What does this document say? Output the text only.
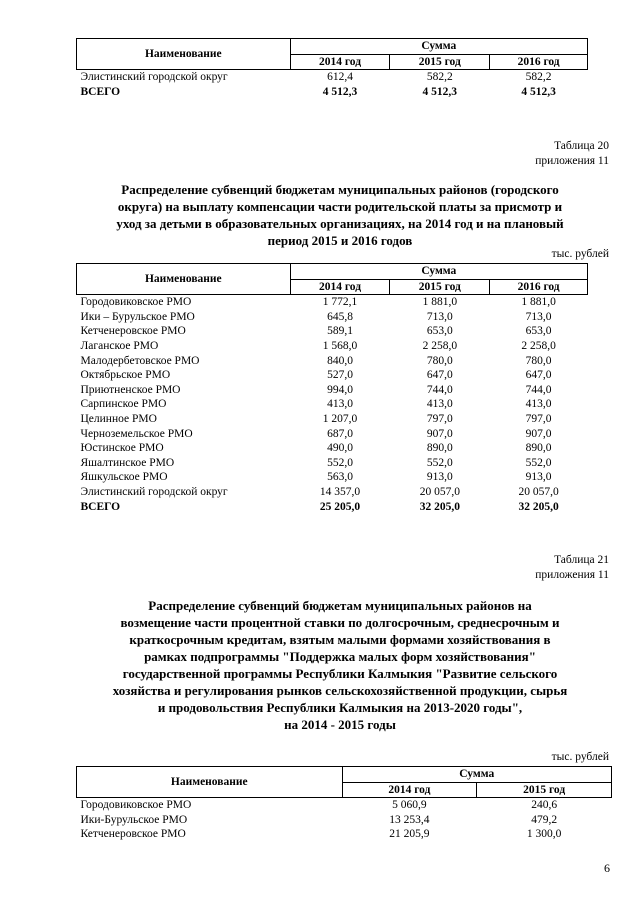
Наименование	Сумма		
	2014 год	2015 год	2016 год
Элистинский городской округ	612,4	582,2	582,2
ВСЕГО	4 512,3	4 512,3	4 512,3
Таблица 20
приложения 11
Распределение субвенций бюджетам муниципальных районов (городского
округа) на выплату компенсации части родительской платы за присмотр и
уход за детьми в образовательных организациях, на 2014 год и на плановый
период 2015 и 2016 годов
тыс. рублей
Наименование	Сумма		
	2014 год	2015 год	2016 год
Городовиковское РМО	1 772,1	1 881,0	1 881,0
Ики – Бурульское РМО	645,8	713,0	713,0
Кетченеровское РМО	589,1	653,0	653,0
Лаганское РМО	1 568,0	2 258,0	2 258,0
Малодербетовское РМО	840,0	780,0	780,0
Октябрьское РМО	527,0	647,0	647,0
Приютненское РМО	994,0	744,0	744,0
Сарпинское РМО	413,0	413,0	413,0
Целинное РМО	1 207,0	797,0	797,0
Черноземельское РМО	687,0	907,0	907,0
Юстинское РМО	490,0	890,0	890,0
Яшалтинское РМО	552,0	552,0	552,0
Яшкульское РМО	563,0	913,0	913,0
Элистинский городской округ	14 357,0	20 057,0	20 057,0
ВСЕГО	25 205,0	32 205,0	32 205,0
Таблица 21
приложения 11
Распределение субвенций бюджетам муниципальных районов на
возмещение части процентной ставки по долгосрочным, среднесрочным и
краткосрочным кредитам, взятым малыми формами хозяйствования в
рамках подпрограммы "Поддержка малых форм хозяйствования"
государственной программы Республики Калмыкия "Развитие сельского
хозяйства и регулирования рынков сельскохозяйственной продукции, сырья
и продовольствия Республики Калмыкия на 2013-2020 годы",
на 2014 - 2015 годы
тыс. рублей
Наименование	Сумма	
	2014 год	2015 год
Городовиковское РМО	5 060,9	240,6
Ики-Бурульское РМО	13 253,4	479,2
Кетченеровское РМО	21 205,9	1 300,0
6
